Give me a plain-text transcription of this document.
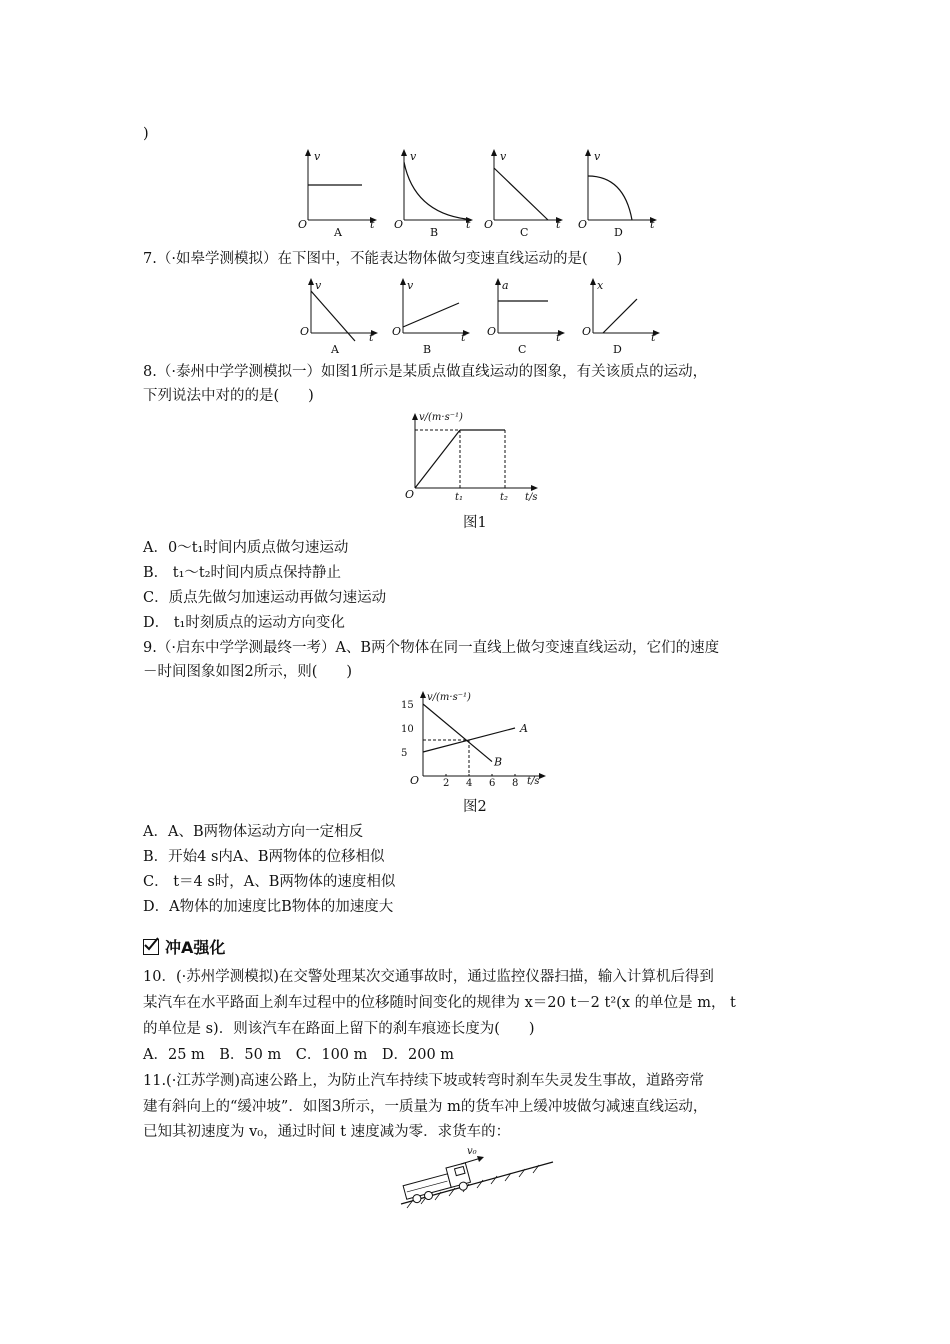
)
v
O	t
A
v
O	t
B
v
O	t
C
v
O	t
D
7.（·如皋学测模拟）在下图中，不能表达物体做匀变速直线运动的是(　　)
v
O	t
A
v
O	t
B
a
O	t
C
x
O	t
D
8.（·泰州中学学测模拟一）如图1所示是某质点做直线运动的图象，有关该质点的运动，
下列说法中对的的是(　　)
v/(m·s⁻¹)
O	t₁	t₂ t/s
图1
A．0～t₁时间内质点做匀速运动
B． t₁～t₂时间内质点保持静止
C．质点先做匀加速运动再做匀速运动
D． t₁时刻质点的运动方向变化
9.（·启东中学学测最终一考）A、B两个物体在同一直线上做匀变速直线运动，它们的速度
－时间图象如图2所示，则(　　)
v/(m·s⁻¹)
O	t/s
15
10
5
2 4 6 8
A
B
图2
A．A、B两物体运动方向一定相反
B．开始4 s内A、B两物体的位移相似
C． t＝4 s时，A、B两物体的速度相似
D．A物体的加速度比B物体的加速度大
冲A强化
10．(·苏州学测模拟)在交警处理某次交通事故时，通过监控仪器扫描，输入计算机后得到
某汽车在水平路面上刹车过程中的位移随时间变化的规律为 x＝20 t－2 t²(x 的单位是 m， t
的单位是 s)．则该汽车在路面上留下的刹车痕迹长度为(　　)
A．25 m　B．50 m　C．100 m　D．200 m
11.(·江苏学测)高速公路上，为防止汽车持续下坡或转弯时刹车失灵发生事故，道路旁常
建有斜向上的“缓冲坡”．如图3所示，一质量为 m的货车冲上缓冲坡做匀减速直线运动，
已知其初速度为 v₀，通过时间 t 速度减为零．求货车的：
v₀
